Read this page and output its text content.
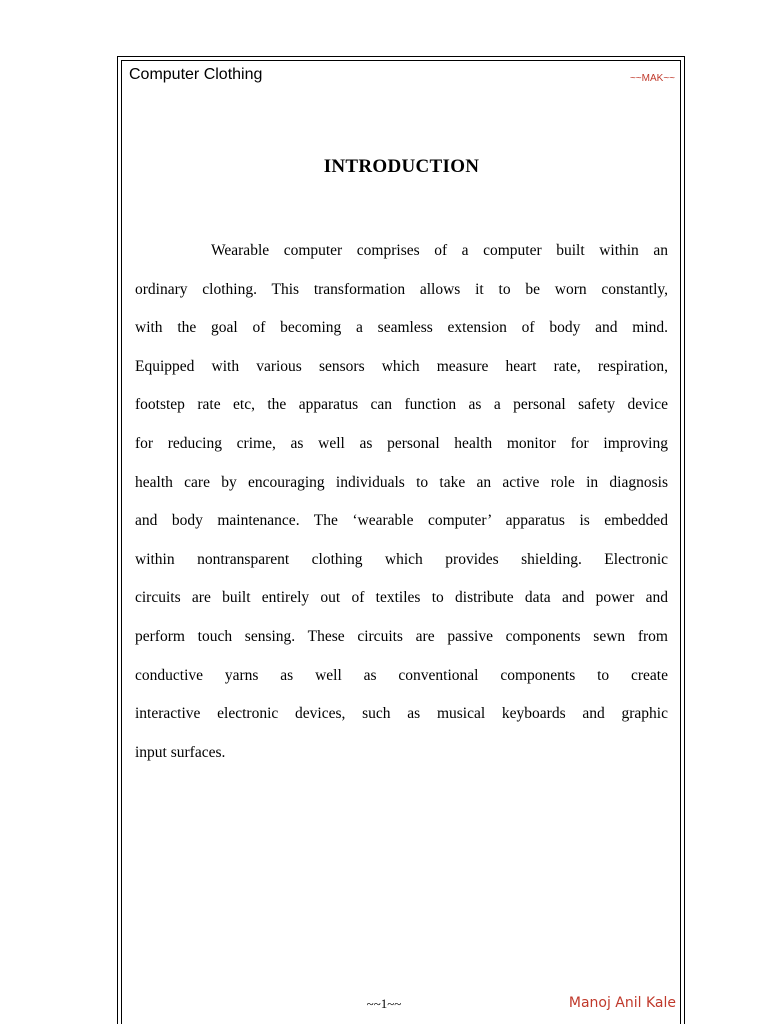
Computer Clothing	~~MAK~~
INTRODUCTION
Wearable computer comprises of a computer built within an
ordinary clothing. This transformation allows it to be worn constantly,
with the goal of becoming a seamless extension of body and mind.
Equipped with various sensors which measure heart rate, respiration,
footstep rate etc, the apparatus can function as a personal safety device
for reducing crime, as well as personal health monitor for improving
health care by encouraging individuals to take an active role in diagnosis
and body maintenance. The ‘wearable computer’ apparatus is embedded
within nontransparent clothing which provides shielding. Electronic
circuits are built entirely out of textiles to distribute data and power and
perform touch sensing. These circuits are passive components sewn from
conductive yarns as well as conventional components to create
interactive electronic devices, such as musical keyboards and graphic
input surfaces.
~~1~~	Manoj Anil Kale
